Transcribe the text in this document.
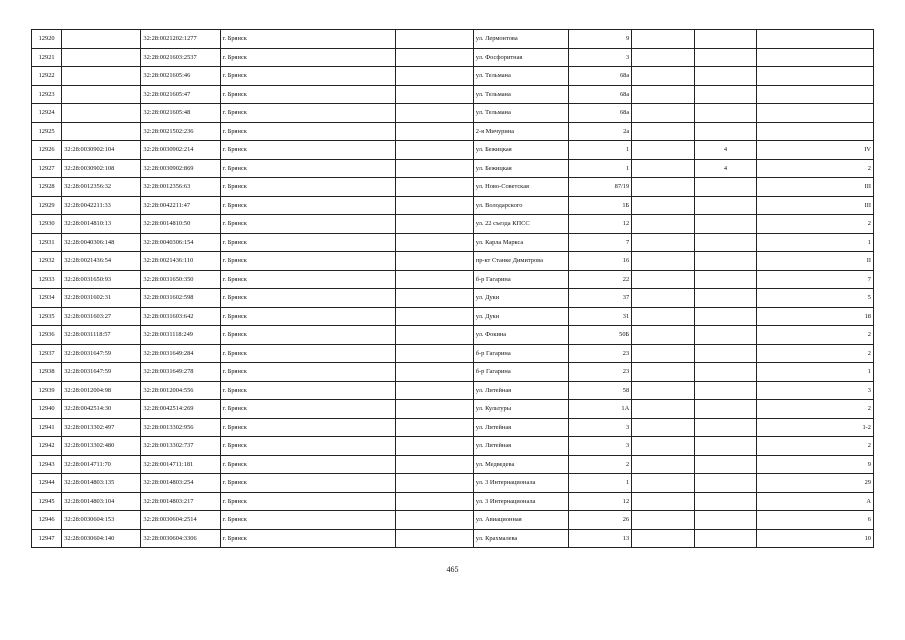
12920		32:28:0021202:1277	г. Брянск		ул. Лермонтова	9			
12921		32:28:0021603:2537	г. Брянск		ул. Фосфоритная	3			
12922		32:28:0021605:46	г. Брянск		ул. Тельмана	68а			
12923		32:28:0021605:47	г. Брянск		ул. Тельмана	68а			
12924		32:28:0021605:48	г. Брянск		ул. Тельмана	68а			
12925		32:28:0021502:236	г. Брянск		2-я Мичурина	2а			
12926	32:28:0030902:104	32:28:0030902:214	г. Брянск		ул. Бежицкая	1		4	IV
12927	32:28:0030902:108	32:28:0030902:869	г. Брянск		ул. Бежицкая	1		4	2
12928	32:28:0012356:32	32:28:0012356:63	г. Брянск		ул. Ново-Советская	87/19			III
12929	32:28:0042211:33	32:28:0042211:47	г. Брянск		ул. Володарского	1Б			III
12930	32:28:0014810:13	32:28:0014810:50	г. Брянск		ул. 22 съезда КПСС	12			2
12931	32:28:0040306:148	32:28:0040306:154	г. Брянск		ул. Карла Маркса	7			1
12932	32:28:0021436:54	32:28:0021436:110	г. Брянск		пр-кт Станке Димитрова	16			II
12933	32:28:0031650:93	32:28:0031650:350	г. Брянск		б-р Гагарина	22			7
12934	32:28:0031602:31	32:28:0031602:598	г. Брянск		ул. Дуки	37			5
12935	32:28:0031603:27	32:28:0031603:642	г. Брянск		ул. Дуки	31			18
12936	32:28:0031118:57	32:28:0031118:249	г. Брянск		ул. Фокина	50Б			2
12937	32:28:0031647:59	32:28:0031649:284	г. Брянск		б-р Гагарина	23			2
12938	32:28:0031647:59	32:28:0031649:278	г. Брянск		б-р Гагарина	23			1
12939	32:28:0012004:98	32:28:0012004:556	г. Брянск		ул. Литейная	58			3
12940	32:28:0042514:30	32:28:0042514:269	г. Брянск		ул. Культуры	1А			2
12941	32:28:0013302:497	32:28:0013302:956	г. Брянск		ул. Литейная	3			1-2
12942	32:28:0013302:480	32:28:0013302:737	г. Брянск		ул. Литейная	3			2
12943	32:28:0014711:70	32:28:0014711:181	г. Брянск		ул. Медведева	2			9
12944	32:28:0014803:135	32:28:0014803:254	г. Брянск		ул. 3 Интернационала	1			29
12945	32:28:0014803:104	32:28:0014803:217	г. Брянск		ул. 3 Интернационала	12			А
12946	32:28:0030604:153	32:28:0030604:2514	г. Брянск		ул. Авиационная	26			6
12947	32:28:0030604:140	32:28:0030604:3306	г. Брянск		ул. Крахмалева	13			10
465
